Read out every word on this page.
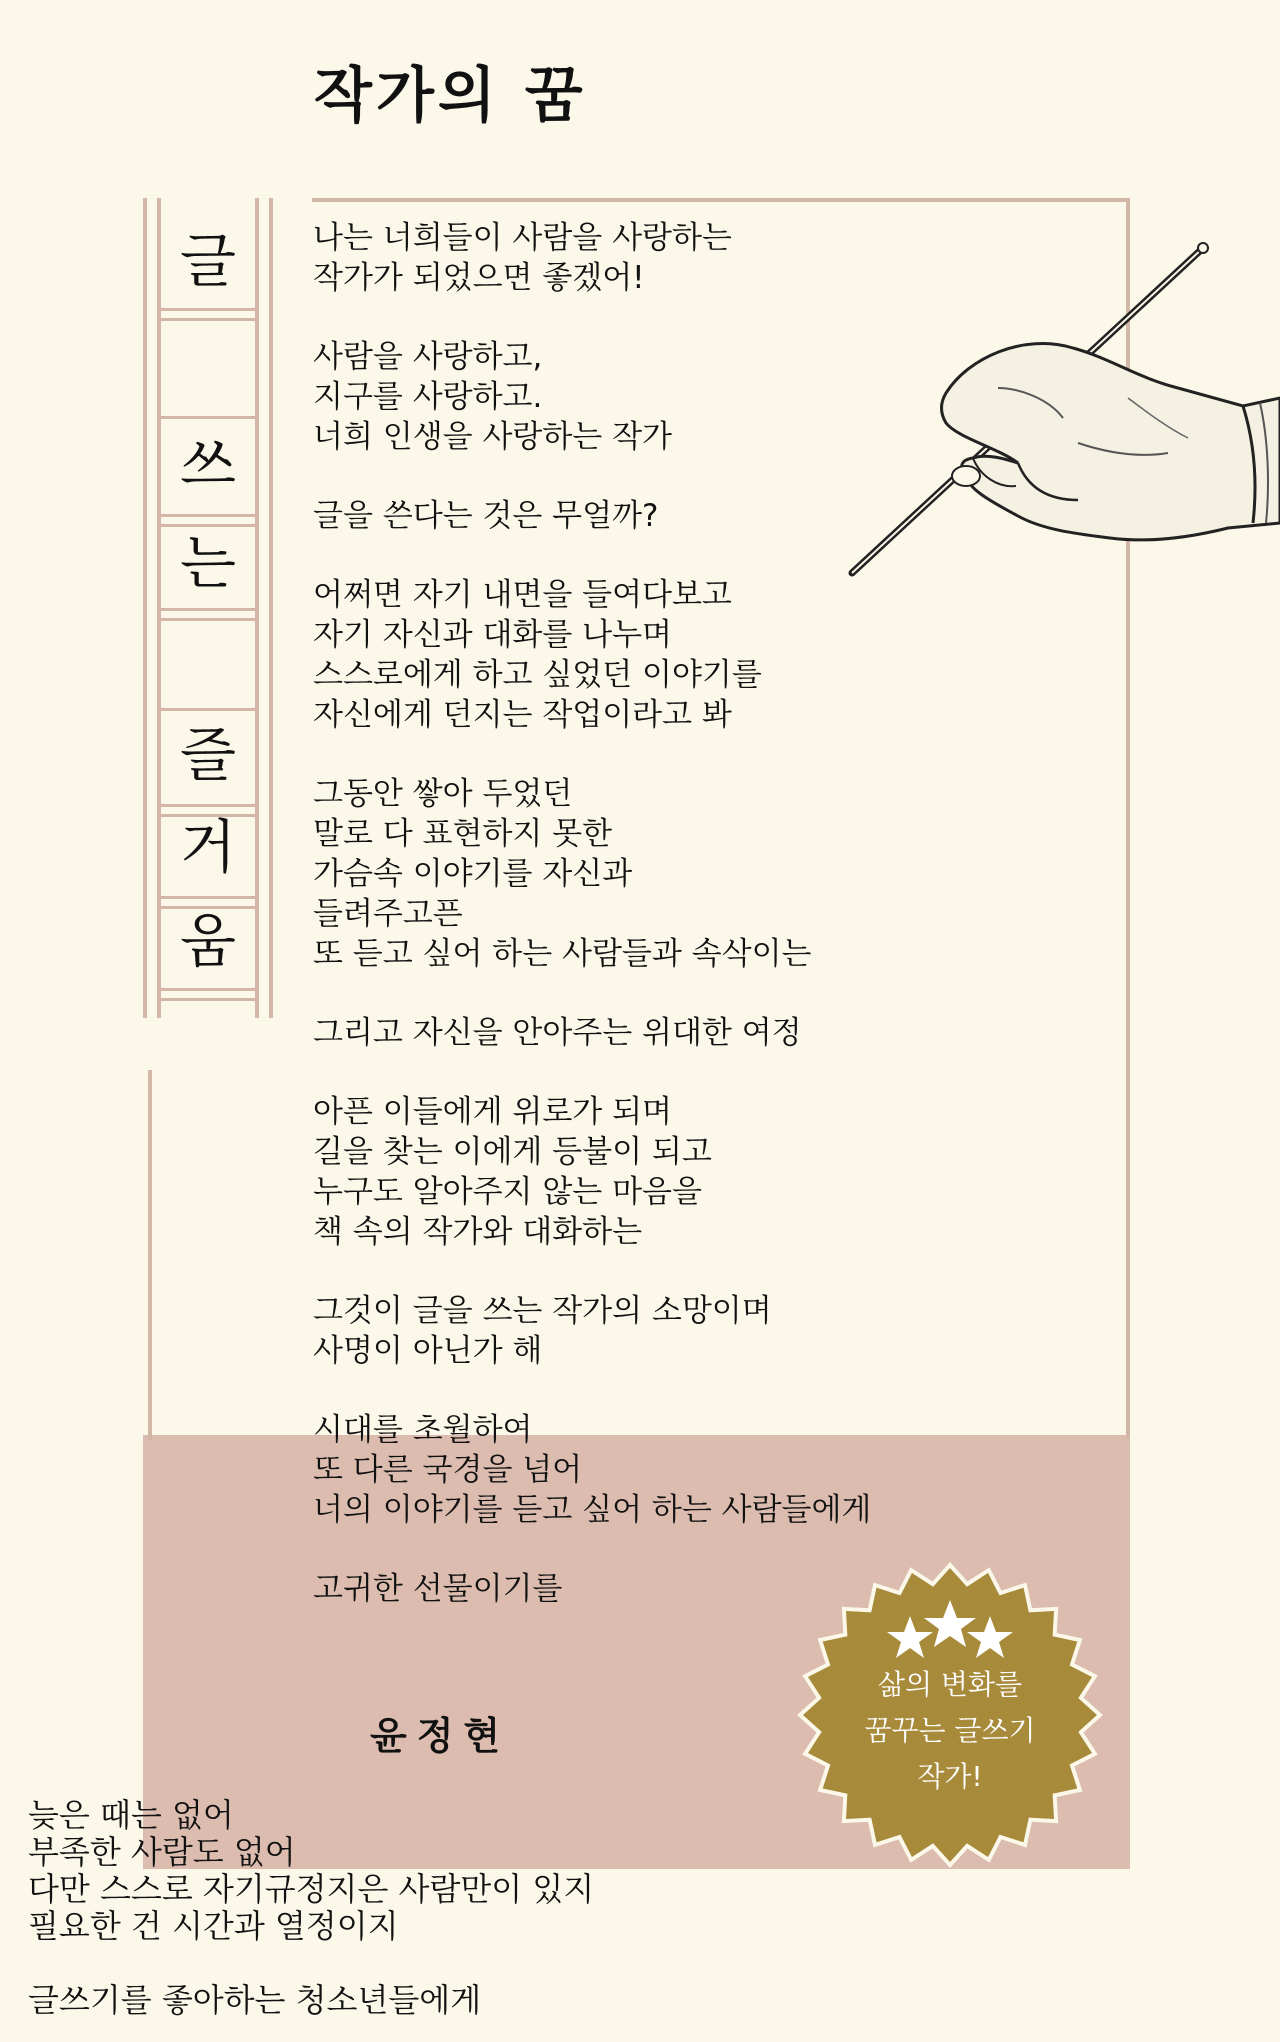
작가의 꿈
글
쓰
는
즐
거
움
나는 너희들이 사람을 사랑하는
작가가 되었으면 좋겠어!
사람을 사랑하고,
지구를 사랑하고.
너희 인생을 사랑하는 작가
글을 쓴다는 것은 무얼까?
어쩌면 자기 내면을 들여다보고
자기 자신과 대화를 나누며
스스로에게 하고 싶었던 이야기를
자신에게 던지는 작업이라고 봐
그동안 쌓아 두었던
말로 다 표현하지 못한
가슴속 이야기를 자신과
들려주고픈
또 듣고 싶어 하는 사람들과 속삭이는
그리고 자신을 안아주는 위대한 여정
아픈 이들에게 위로가 되며
길을 찾는 이에게 등불이 되고
누구도 알아주지 않는 마음을
책 속의 작가와 대화하는
그것이 글을 쓰는 작가의 소망이며
사명이 아닌가 해
시대를 초월하여
또 다른 국경을 넘어
너의 이야기를 듣고 싶어 하는 사람들에게
고귀한 선물이기를
윤정현
삶의 변화를
꿈꾸는 글쓰기
작가!
늦은 때는 없어
부족한 사람도 없어
다만 스스로 자기규정지은 사람만이 있지
필요한 건 시간과 열정이지
글쓰기를 좋아하는 청소년들에게
